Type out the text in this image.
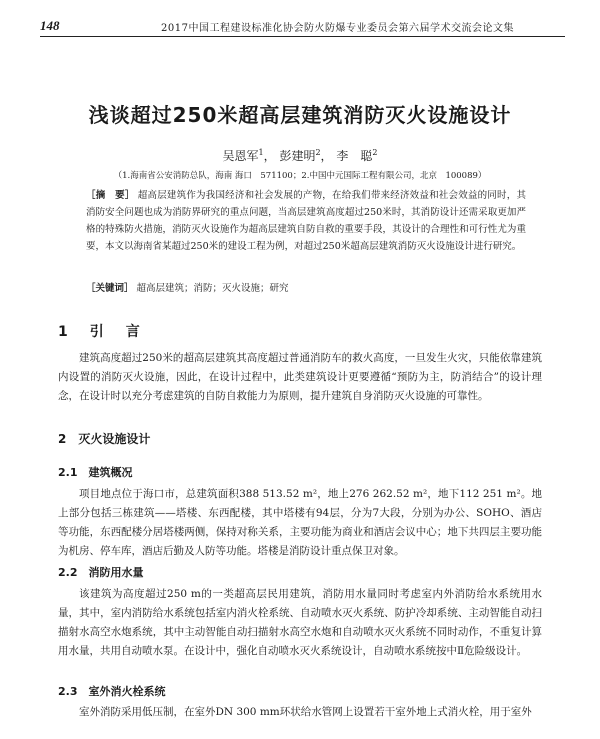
148	2017中国工程建设标准化协会防火防爆专业委员会第六届学术交流会论文集
浅谈超过250米超高层建筑消防灭火设施设计
吴恩军$^1$， 彭建明$^2$， 李　聪$^2$
（1.海南省公安消防总队，海南 海口　571100；2.中国中元国际工程有限公司，北京　100089）
［摘　要］ 超高层建筑作为我国经济和社会发展的产物，在给我们带来经济效益和社会效益的同时，其消防安全问题也成为消防界研究的重点问题，当高层建筑高度超过250米时，其消防设计还需采取更加严格的特殊防火措施，消防灭火设施作为超高层建筑自防自救的重要手段，其设计的合理性和可行性尤为重要，本文以海南省某超过250米的建设工程为例，对超过250米超高层建筑消防灭火设施设计进行研究。
［关键词］ 超高层建筑；消防；灭火设施；研究
1　引　言

建筑高度超过250米的超高层建筑其高度超过普通消防车的救火高度，一旦发生火灾，只能依靠建筑内设置的消防灭火设施，因此，在设计过程中，此类建筑设计更要遵循“预防为主，防消结合”的设计理念，在设计时以充分考虑建筑的自防自救能力为原则，提升建筑自身消防灭火设施的可靠性。

2　灭火设施设计
2.1　建筑概况

项目地点位于海口市，总建筑面积388 513.52 m²，地上276 262.52 m²，地下112 251 m²。地上部分包括三栋建筑——塔楼、东西配楼，其中塔楼有94层，分为7大段，分别为办公、SOHO、酒店等功能，东西配楼分居塔楼两侧，保持对称关系，主要功能为商业和酒店会议中心；地下共四层主要功能为机房、停车库，酒店后勤及人防等功能。塔楼是消防设计重点保卫对象。

2.2　消防用水量

该建筑为高度超过250 m的一类超高层民用建筑，消防用水量同时考虑室内外消防给水系统用水量，其中，室内消防给水系统包括室内消火栓系统、自动喷水灭火系统、防护冷却系统、主动智能自动扫描射水高空水炮系统，其中主动智能自动扫描射水高空水炮和自动喷水灭火系统不同时动作，不重复计算用水量，共用自动喷水泵。在设计中，强化自动喷水灭火系统设计，自动喷水系统按中Ⅱ危险级设计。

2.3　室外消火栓系统

室外消防采用低压制，在室外DN 300 mm环状给水管网上设置若干室外地上式消火栓，用于室外
